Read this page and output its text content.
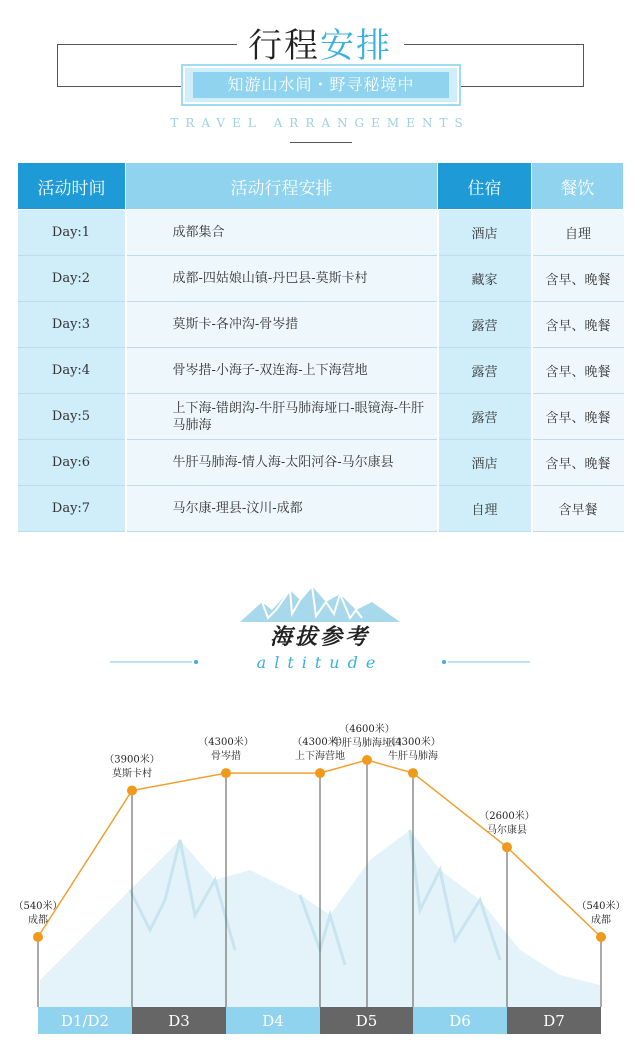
行程安排
知游山水间・野寻秘境中
TRAVEL ARRANGEMENTS
活动时间	活动行程安排	住宿	餐饮
Day:1	成都集合	酒店	自理
Day:2	成都-四姑娘山镇-丹巴县-莫斯卡村	藏家	含早、晚餐
Day:3	莫斯卡-各冲沟-骨岑措	露营	含早、晚餐
Day:4	骨岑措-小海子-双连海-上下海营地	露营	含早、晚餐
Day:5	上下海-错朗沟-牛肝马肺海垭口-眼镜海-牛肝马肺海	露营	含早、晚餐
Day:6	牛肝马肺海-情人海-太阳河谷-马尔康县	酒店	含早、晚餐
Day:7	马尔康-理县-汶川-成都	自理	含早餐
海拔参考
altitude
（540米）
成都
（3900米）
莫斯卡村
（4300米）
骨岑措
（4300米）
上下海营地
（4600米）
牛肝马肺海垭口
（4300米）
牛肝马肺海
（2600米）
马尔康县
（540米）
成都
D1/D2	D3	D4	D5	D6	D7
